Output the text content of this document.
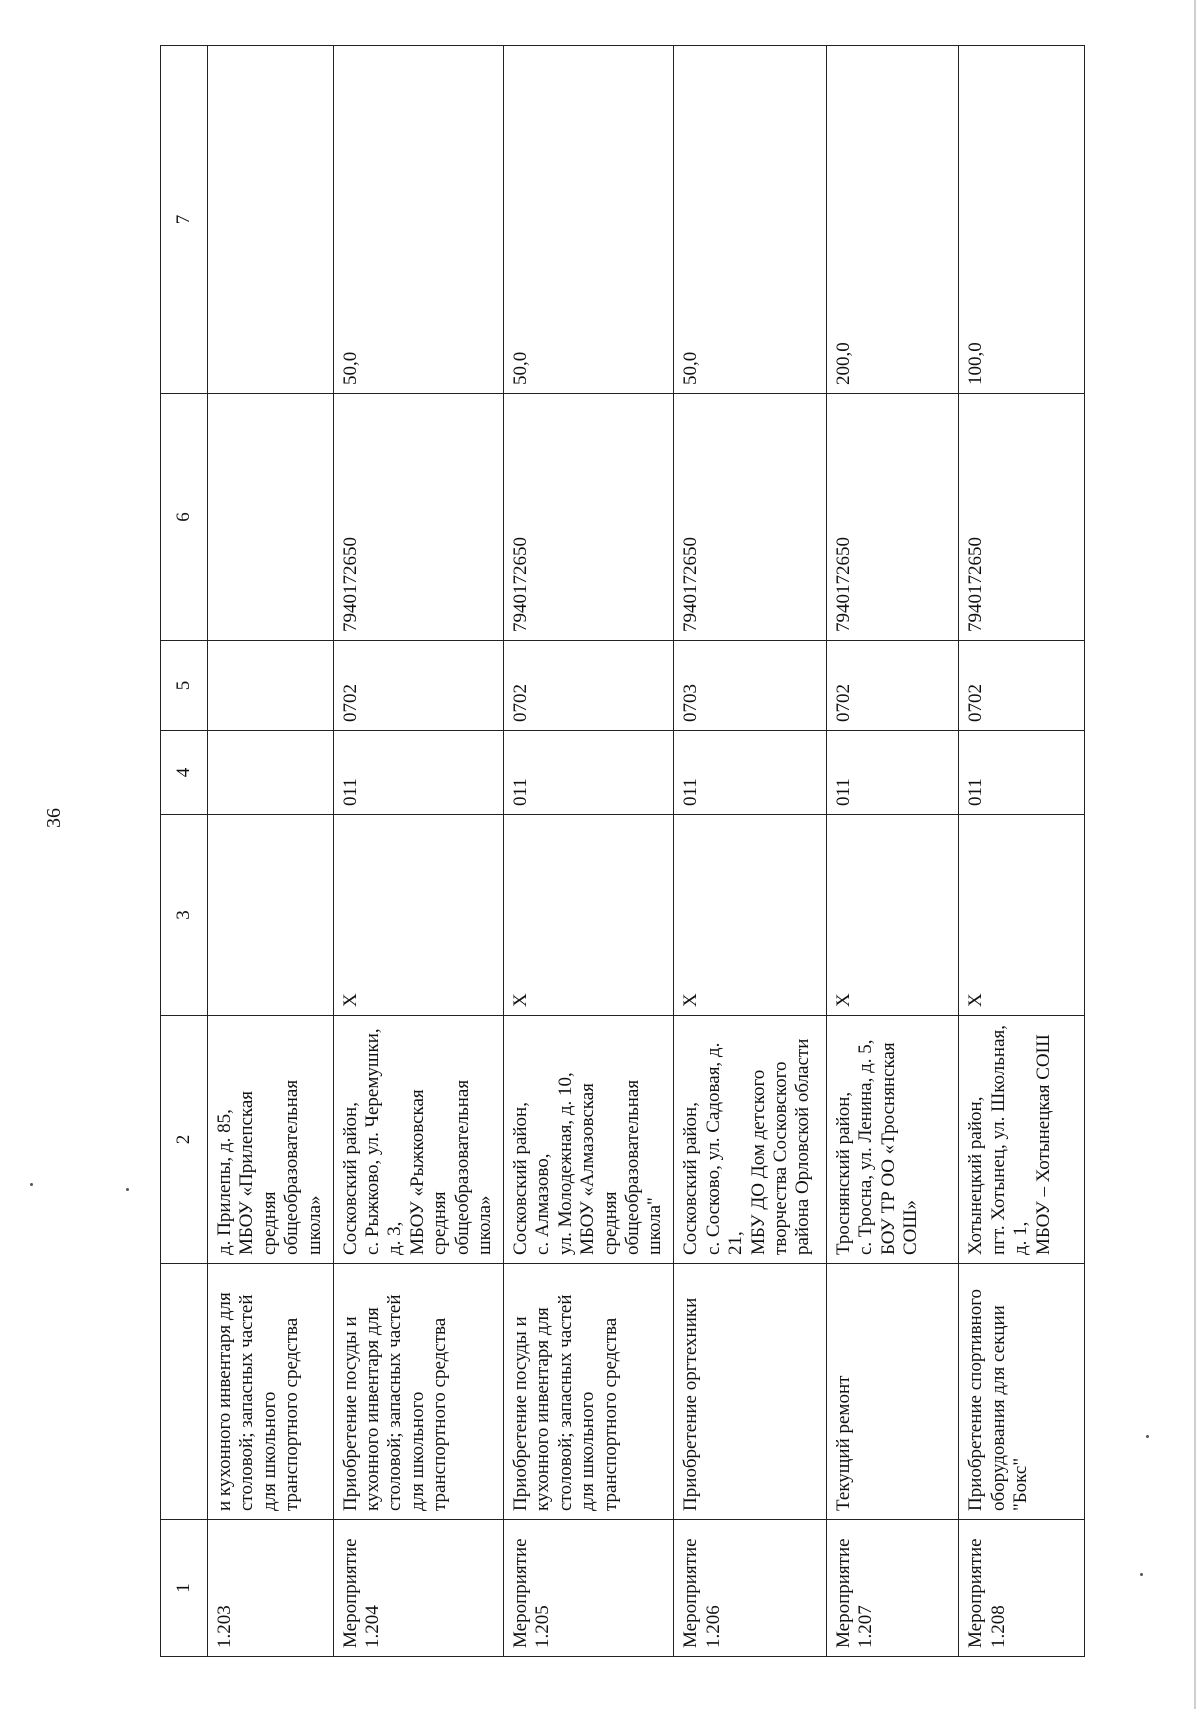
36
1		2	3	4	5	6	7
1.203	и кухонного инвентаря для столовой; запасных частей для школьного транспортного средства	д. Прилепы, д. 85,
МБОУ «Прилепская средняя общеобразовательная школа»					
Мероприятие 1.204	Приобретение посуды и кухонного инвентаря для столовой; запасных частей для школьного транспортного средства	Сосковский район,
с. Рыжково, ул. Черемушки, д. 3,
МБОУ «Рыжковская средняя общеобразовательная школа»	X	011	0702	7940172650	50,0
Мероприятие 1.205	Приобретение посуды и кухонного инвентаря для столовой; запасных частей для школьного транспортного средства	Сосковский район,
с. Алмазово,
ул. Молодежная, д. 10,
МБОУ «Алмазовская средняя общеобразовательная школа"	X	011	0702	7940172650	50,0
Мероприятие 1.206	Приобретение оргтехники	Сосковский район,
с. Сосково, ул. Садовая, д. 21,
МБУ ДО Дом детского творчества Сосковского района Орловской области	X	011	0703	7940172650	50,0
Мероприятие 1.207	Текущий ремонт	Троснянский район,
с. Тросна, ул. Ленина, д. 5,
БОУ ТР ОО «Троснянская СОШ»	X	011	0702	7940172650	200,0
Мероприятие 1.208	Приобретение спортивного оборудования для секции "Бокс"	Хотынецкий район,
пгт. Хотынец, ул. Школьная, д. 1,
МБОУ – Хотынецкая СОШ	X	011	0702	7940172650	100,0
